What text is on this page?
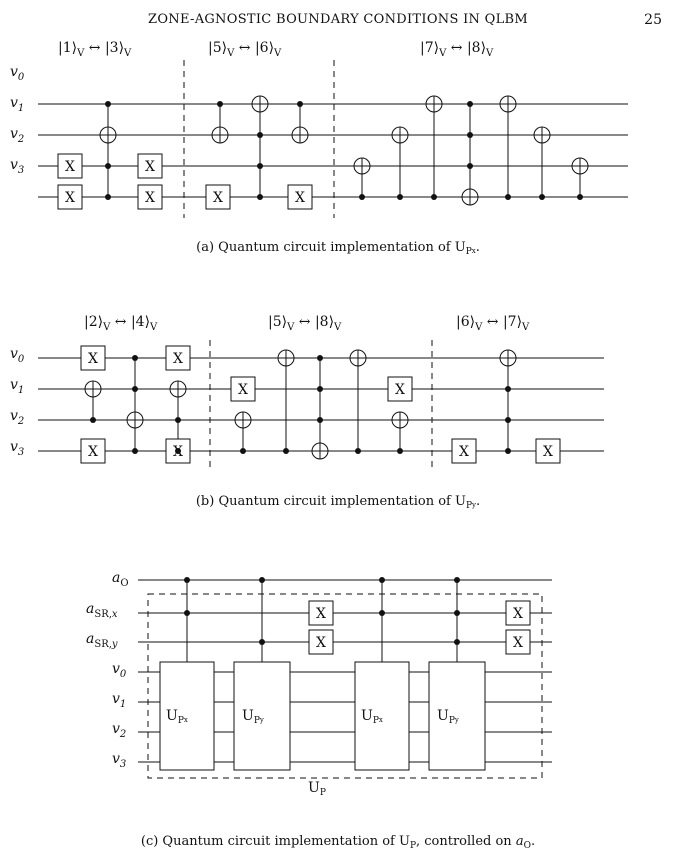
ZONE-AGNOSTIC BOUNDARY CONDITIONS IN QLBM	25
$v_0$
$v_1$
$v_2$
$v_3$
$|1⟩_V$ ↔ $|3⟩_V$	$|5⟩_V$ ↔ $|6⟩_V$	$|7⟩_V$ ↔ $|8⟩_V$
X
X
X
X	X	X
X
X
X
X
X	X
X	X
X
X
X
X
(a) Quantum circuit implementation of $U_Px$.
$v_0$
$v_1$
$v_2$
$v_3$
$|2⟩_V$ ↔ $|4⟩_V$	$|5⟩_V$ ↔ $|8⟩_V$	$|6⟩_V$ ↔ $|7⟩_V$
(b) Quantum circuit implementation of $U_Py$.
$a_O$
$a_{SR,x}$
$a_{SR,y}$
$v_0$
$v_1$
$v_2$
$v_3$
$U_Px$	$U_Py$	$U_Px$	$U_Py$
$U_P$
(c) Quantum circuit implementation of $U_P$, controlled on $a_O$.
